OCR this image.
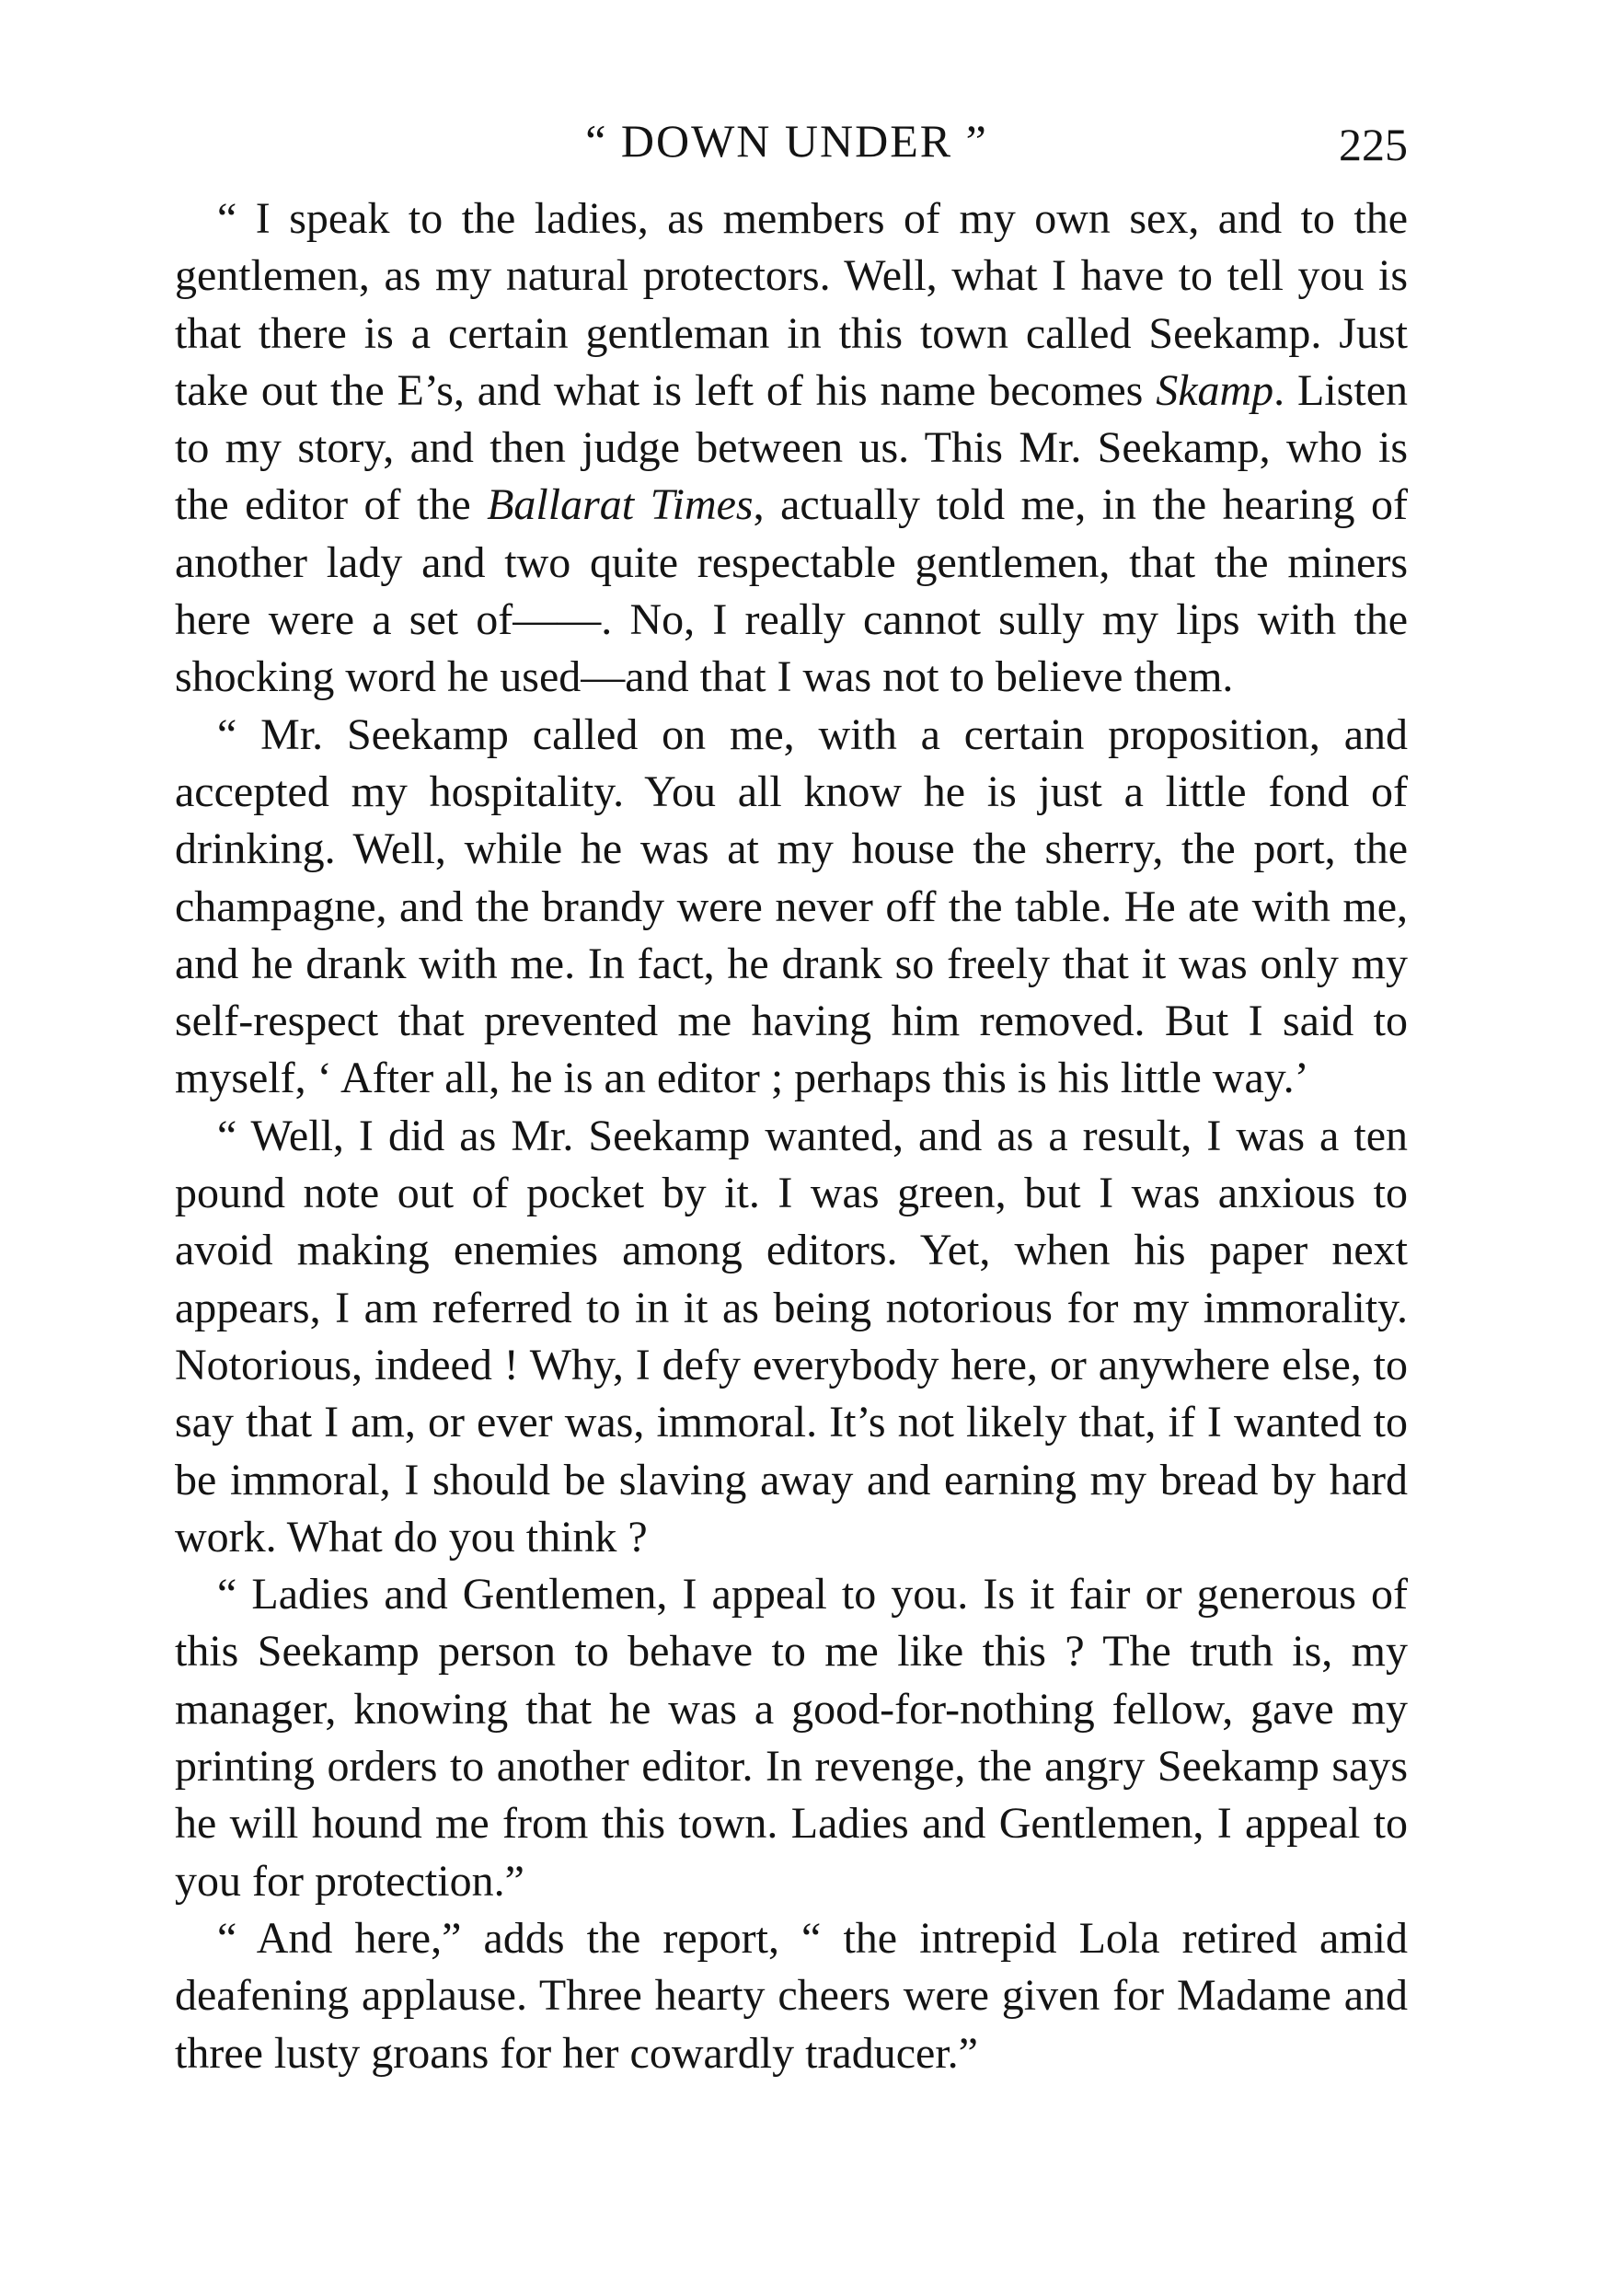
“ DOWN UNDER ”	225

“ I speak to the ladies, as members of my own sex, and to the gentlemen, as my natural protectors. Well, what I have to tell you is that there is a certain gentleman in this town called Seekamp. Just take out the E’s, and what is left of his name becomes Skamp. Listen to my story, and then judge between us. This Mr. Seekamp, who is the editor of the Ballarat Times, actually told me, in the hearing of another lady and two quite respectable gentlemen, that the miners here were a set of——. No, I really cannot sully my lips with the shocking word he used—and that I was not to believe them.

“ Mr. Seekamp called on me, with a certain proposition, and accepted my hospitality. You all know he is just a little fond of drinking. Well, while he was at my house the sherry, the port, the champagne, and the brandy were never off the table. He ate with me, and he drank with me. In fact, he drank so freely that it was only my self-respect that prevented me having him removed. But I said to myself, ‘ After all, he is an editor ; perhaps this is his little way.’

“ Well, I did as Mr. Seekamp wanted, and as a result, I was a ten pound note out of pocket by it. I was green, but I was anxious to avoid making enemies among editors. Yet, when his paper next appears, I am referred to in it as being notorious for my immorality. Notorious, indeed ! Why, I defy everybody here, or anywhere else, to say that I am, or ever was, immoral. It’s not likely that, if I wanted to be immoral, I should be slaving away and earning my bread by hard work. What do you think ?

“ Ladies and Gentlemen, I appeal to you. Is it fair or generous of this Seekamp person to behave to me like this ? The truth is, my manager, knowing that he was a good-for-nothing fellow, gave my printing orders to another editor. In revenge, the angry Seekamp says he will hound me from this town. Ladies and Gentlemen, I appeal to you for protection.”

“ And here,” adds the report, “ the intrepid Lola retired amid deafening applause. Three hearty cheers were given for Madame and three lusty groans for her cowardly traducer.”
